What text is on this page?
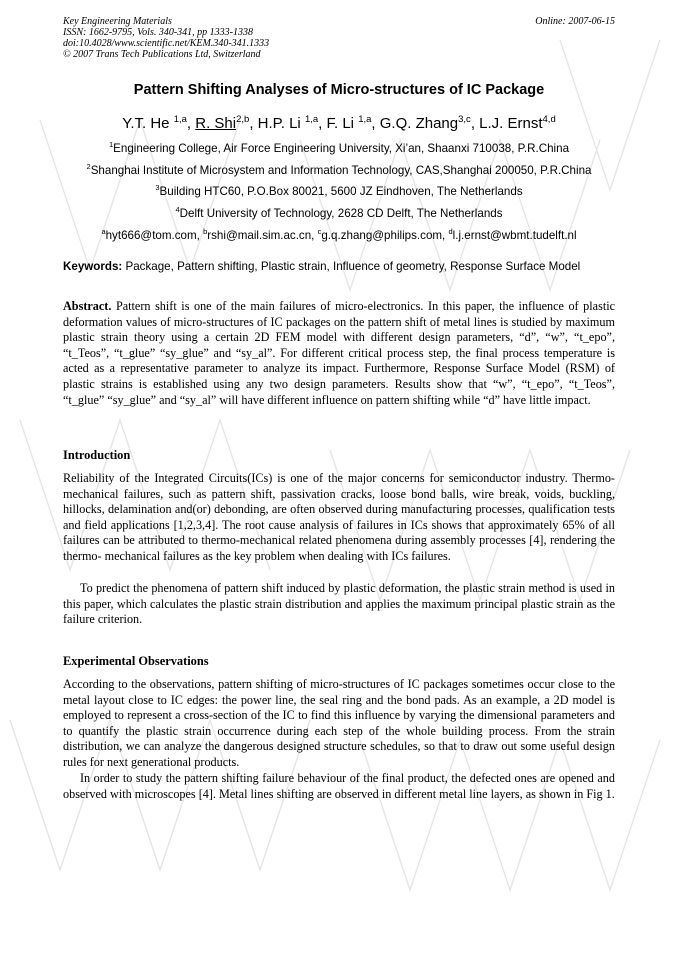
Key Engineering Materials
ISSN: 1662-9795, Vols. 340-341, pp 1333-1338
doi:10.4028/www.scientific.net/KEM.340-341.1333
© 2007 Trans Tech Publications Ltd, Switzerland
Online: 2007-06-15
Pattern Shifting Analyses of Micro-structures of IC Package
Y.T. He $^{1,a}$, R. Shi$^{2,b}$, H.P. Li $^{1,a}$, F. Li $^{1,a}$, G.Q. Zhang$^{3,c}$, L.J. Ernst$^{4,d}$
$^1$Engineering College, Air Force Engineering University, Xi’an, Shaanxi 710038, P.R.China
$^2$Shanghai Institute of Microsystem and Information Technology, CAS,Shanghai 200050, P.R.China
$^3$Building HTC60, P.O.Box 80021, 5600 JZ Eindhoven, The Netherlands
$^4$Delft University of Technology, 2628 CD Delft, The Netherlands
$^a$hyt666@tom.com, $^b$rshi@mail.sim.ac.cn, $^c$g.q.zhang@philips.com, $^d$l.j.ernst@wbmt.tudelft.nl
Keywords: Package, Pattern shifting, Plastic strain, Influence of geometry, Response Surface Model
Abstract. Pattern shift is one of the main failures of micro-electronics. In this paper, the influence of plastic deformation values of micro-structures of IC packages on the pattern shift of metal lines is studied by maximum plastic strain theory using a certain 2D FEM model with different design parameters, “d”, “w”, “t_epo”, “t_Teos”, “t_glue” “sy_glue” and “sy_al”. For different critical process step, the final process temperature is acted as a representative parameter to analyze its impact. Furthermore, Response Surface Model (RSM) of plastic strains is established using any two design parameters. Results show that “w”, “t_epo”, “t_Teos”, “t_glue” “sy_glue” and “sy_al” will have different influence on pattern shifting while “d” have little impact.
Introduction
Reliability of the Integrated Circuits(ICs) is one of the major concerns for semiconductor industry. Thermo-mechanical failures, such as pattern shift, passivation cracks, loose bond balls, wire break, voids, buckling, hillocks, delamination and(or) debonding, are often observed during manufacturing processes, qualification tests and field applications [1,2,3,4]. The root cause analysis of failures in ICs shows that approximately 65% of all failures can be attributed to thermo-mechanical related phenomena during assembly processes [4], rendering the thermo- mechanical failures as the key problem when dealing with ICs failures.
To predict the phenomena of pattern shift induced by plastic deformation, the plastic strain method is used in this paper, which calculates the plastic strain distribution and applies the maximum principal plastic strain as the failure criterion.
Experimental Observations
According to the observations, pattern shifting of micro-structures of IC packages sometimes occur close to the metal layout close to IC edges: the power line, the seal ring and the bond pads. As an example, a 2D model is employed to represent a cross-section of the IC to find this influence by varying the dimensional parameters and to quantify the plastic strain occurrence during each step of the whole building process. From the strain distribution, we can analyze the dangerous designed structure schedules, so that to draw out some useful design rules for next generational products.
In order to study the pattern shifting failure behaviour of the final product, the defected ones are opened and observed with microscopes [4]. Metal lines shifting are observed in different metal line layers, as shown in Fig 1.
